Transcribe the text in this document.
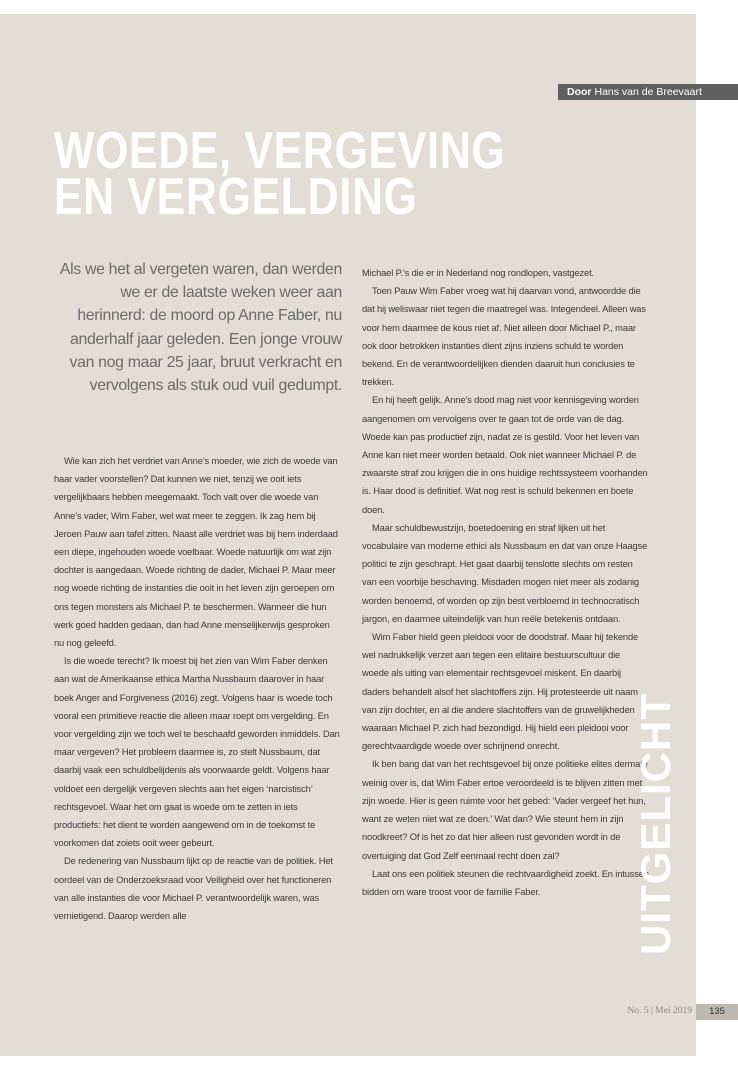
Door Hans van de Breevaart
WOEDE, VERGEVING
EN VERGELDING
Als we het al vergeten waren, dan werden we er de laatste weken weer aan herinnerd: de moord op Anne Faber, nu anderhalf jaar geleden. Een jonge vrouw van nog maar 25 jaar, bruut verkracht en vervolgens als stuk oud vuil gedumpt.

Wie kan zich het verdriet van Anne’s moeder, wie zich de woede van haar vader voorstellen? Dat kunnen we niet, tenzij we ooit iets vergelijkbaars hebben meegemaakt. Toch valt over die woede van Anne’s vader, Wim Faber, wel wat meer te zeggen. Ik zag hem bij Jeroen Pauw aan tafel zitten. Naast alle verdriet was bij hem inderdaad een diepe, ingehouden woede voelbaar. Woede natuurlijk om wat zijn dochter is aangedaan. Woede richting de dader, Michael P. Maar meer nog woede richting de instanties die ooit in het leven zijn geroepen om ons tegen monsters als Michael P. te beschermen. Wanneer die hun werk goed hadden gedaan, dan had Anne menselijkerwijs gesproken nu nog geleefd.

Is die woede terecht? Ik moest bij het zien van Wim Faber denken aan wat de Amerikaanse ethica Martha Nussbaum daarover in haar boek Anger and Forgiveness (2016) zegt. Volgens haar is woede toch vooral een primitieve reactie die alleen maar roept om vergelding. En voor vergelding zijn we toch wel te beschaafd geworden inmiddels. Dan maar vergeven? Het probleem daarmee is, zo stelt Nussbaum, dat daarbij vaak een schuldbelijdenis als voorwaarde geldt. Volgens haar voldoet een dergelijk vergeven slechts aan het eigen ‘narcistisch’ rechtsgevoel. Waar het om gaat is woede om te zetten in iets productiefs: het dient te worden aangewend om in de toekomst te voorkomen dat zoiets ooit weer gebeurt.

De redenering van Nussbaum lijkt op de reactie van de politiek. Het oordeel van de Onderzoeksraad voor Veiligheid over het functioneren van alle instanties die voor Michael P. verantwoordelijk waren, was vernietigend. Daarop werden alle

Michael P.’s die er in Nederland nog rondlopen, vastgezet.

Toen Pauw Wim Faber vroeg wat hij daarvan vond, antwoordde die dat hij weliswaar niet tegen die maatregel was. Integendeel. Alleen was voor hem daarmee de kous niet af. Niet alleen door Michael P., maar ook door betrokken instanties dient zijns inziens schuld te worden bekend. En de verantwoordelijken dienden daaruit hun conclusies te trekken.

En hij heeft gelijk. Anne’s dood mag niet voor kennisgeving worden aangenomen om vervolgens over te gaan tot de orde van de dag. Woede kan pas productief zijn, nadat ze is gestild. Voor het leven van Anne kan niet meer worden betaald. Ook niet wanneer Michael P. de zwaarste straf zou krijgen die in ons huidige rechtssysteem voorhanden is. Haar dood is definitief. Wat nog rest is schuld bekennen en boete doen.

Maar schuldbewustzijn, boetedoening en straf lijken uit het vocabulaire van moderne ethici als Nussbaum en dat van onze Haagse politici te zijn geschrapt. Het gaat daarbij tenslotte slechts om resten van een voorbije beschaving. Misdaden mogen niet meer als zodanig worden benoemd, of worden op zijn best verbloemd in technocratisch jargon, en daarmee uiteindelijk van hun reële betekenis ontdaan.

Wim Faber hield geen pleidooi voor de doodstraf. Maar hij tekende wel nadrukkelijk verzet aan tegen een elitaire bestuurscultuur die woede als uiting van elementair rechtsgevoel miskent. En daarbij daders behandelt alsof het slachtoffers zijn. Hij protesteerde uit naam van zijn dochter, en al die andere slachtoffers van de gruwelijkheden waaraan Michael P. zich had bezondigd. Hij hield een pleidooi voor gerechtvaardigde woede over schrijnend onrecht.

Ik ben bang dat van het rechtsgevoel bij onze politieke elites dermate weinig over is, dat Wim Faber ertoe veroordeeld is te blijven zitten met zijn woede. Hier is geen ruimte voor het gebed: ‘Vader vergeef het hun, want ze weten niet wat ze doen.’ Wat dan? Wie steunt hem in zijn noodkreet? Of is het zo dat hier alleen rust gevonden wordt in de overtuiging dat God Zelf eenmaal recht doen zal?

Laat ons een politiek steunen die rechtvaardigheid zoekt. En intussen bidden om ware troost voor de familie Faber.	UITGELICHT
No. 5 | Mei 2019	135
